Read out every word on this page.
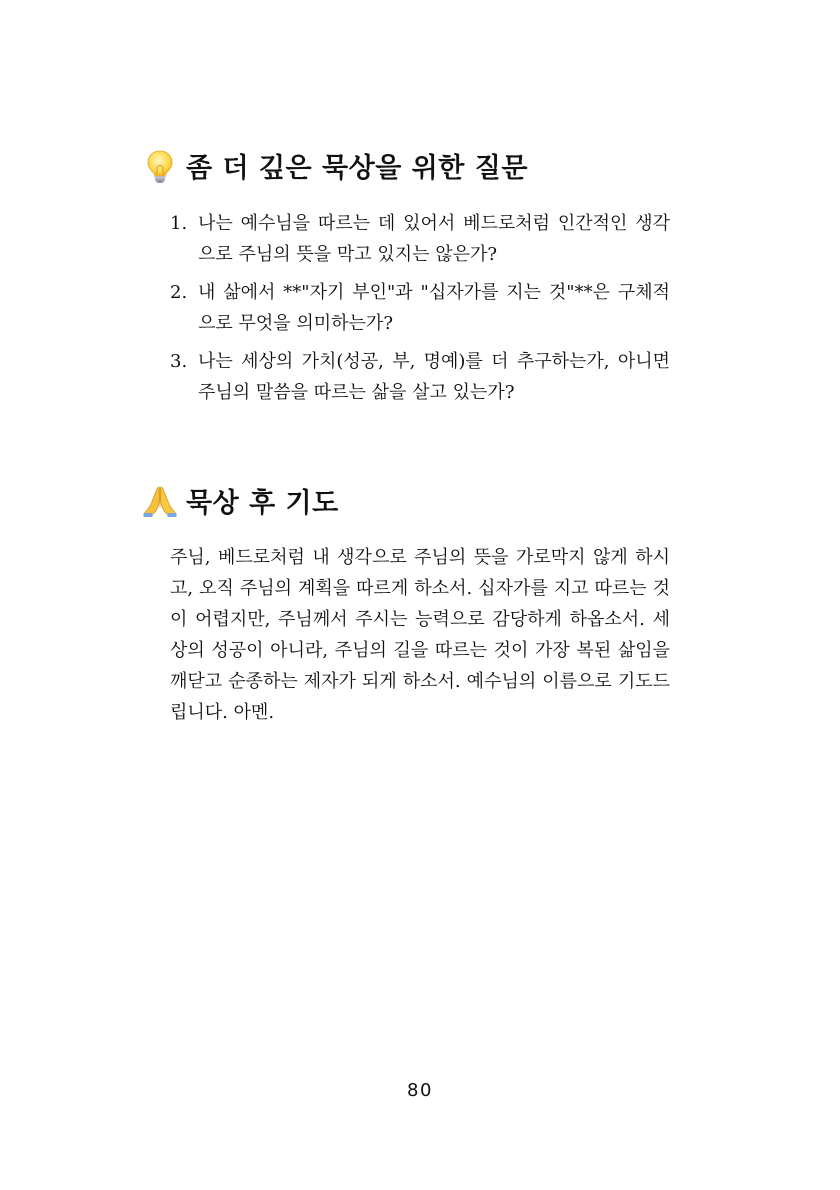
좀 더 깊은 묵상을 위한 질문
1. 나는 예수님을 따르는 데 있어서 베드로처럼 인간적인 생각으로 주님의 뜻을 막고 있지는 않은가?
2. 내 삶에서 **"자기 부인"과 "십자가를 지는 것"**은 구체적으로 무엇을 의미하는가?
3. 나는 세상의 가치(성공, 부, 명예)를 더 추구하는가, 아니면 주님의 말씀을 따르는 삶을 살고 있는가?
묵상 후 기도

주님, 베드로처럼 내 생각으로 주님의 뜻을 가로막지 않게 하시고, 오직 주님의 계획을 따르게 하소서. 십자가를 지고 따르는 것이 어렵지만, 주님께서 주시는 능력으로 감당하게 하옵소서. 세상의 성공이 아니라, 주님의 길을 따르는 것이 가장 복된 삶임을 깨닫고 순종하는 제자가 되게 하소서. 예수님의 이름으로 기도드립니다. 아멘.

80
